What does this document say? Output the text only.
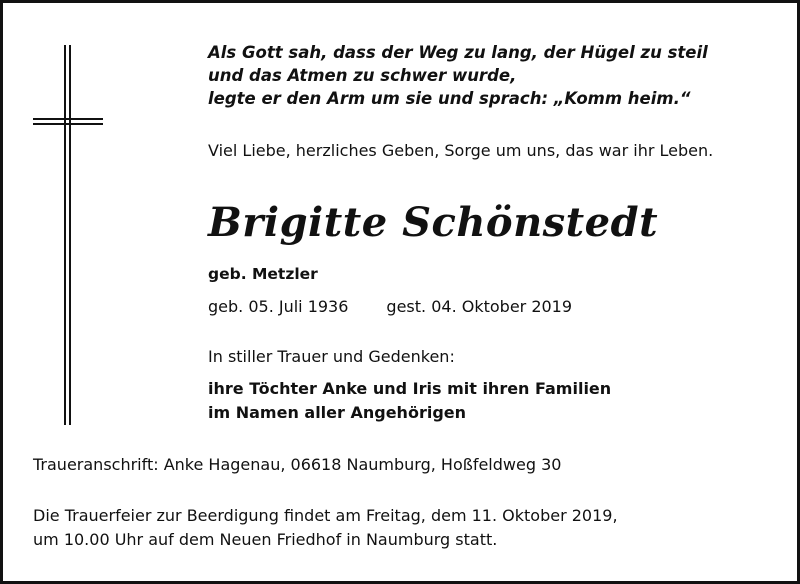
Als Gott sah, dass der Weg zu lang, der Hügel zu steil
und das Atmen zu schwer wurde,
legte er den Arm um sie und sprach: „Komm heim.“
Viel Liebe, herzliches Geben, Sorge um uns, das war ihr Leben.
Brigitte Schönstedt
geb. Metzler
geb. 05. Juli 1936 gest. 04. Oktober 2019
In stiller Trauer und Gedenken:
ihre Töchter Anke und Iris mit ihren Familien
im Namen aller Angehörigen
Traueranschrift: Anke Hagenau, 06618 Naumburg, Hoßfeldweg 30
Die Trauerfeier zur Beerdigung findet am Freitag, dem 11. Oktober 2019,
um 10.00 Uhr auf dem Neuen Friedhof in Naumburg statt.
